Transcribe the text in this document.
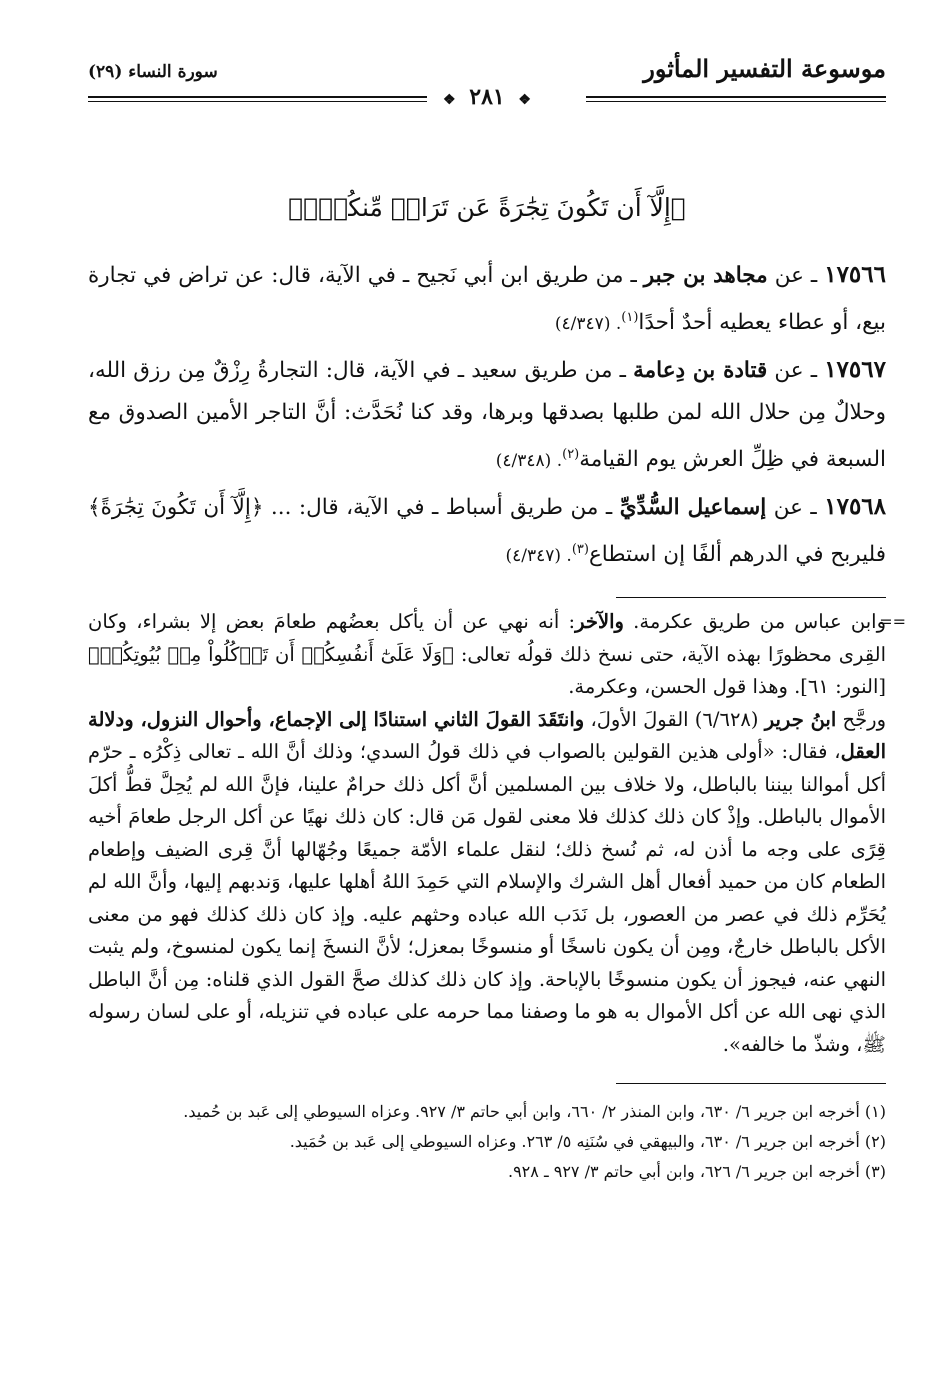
موسوعة التفسير المأثور
سورة النساء (٢٩)
❖ ٢٨١ ❖
﴿إِلَّآ أَن تَكُونَ تِجَٰرَةً عَن تَرَاضٖ مِّنكُمۡۚ﴾

١٧٥٦٦ ـ عن مجاهد بن جبر ـ من طريق ابن أبي نَجيح ـ في الآية، قال: عن تراض في تجارة بيع، أو عطاء يعطيه أحدٌ أحدًا$^{(١)}$. (٤/٣٤٧)

١٧٥٦٧ ـ عن قتادة بن دِعامة ـ من طريق سعيد ـ في الآية، قال: التجارةُ رِزْقٌ مِن رزق الله، وحلالٌ مِن حلال الله لمن طلبها بصدقها وبرها، وقد كنا نُحَدَّث: أنَّ التاجر الأمين الصدوق مع السبعة في ظِلِّ العرش يوم القيامة$^{(٢)}$. (٤/٣٤٨)

١٧٥٦٨ ـ عن إسماعيل السُّدِّيِّ ـ من طريق أسباط ـ في الآية، قال: ... ﴿إِلَّآ أَن تَكُونَ تِجَٰرَةً﴾ فليربح في الدرهم ألفًا إن استطاع$^{(٣)}$. (٤/٣٤٧)

==

وابن عباس من طريق عكرمة. والآخر: أنه نهي عن أن يأكل بعضُهم طعامَ بعض إلا بشراء، وكان القِرى محظورًا بهذه الآية، حتى نسخ ذلك قولُه تعالى: ﴿وَلَا عَلَىٰٓ أَنفُسِكُمۡ أَن تَأۡكُلُواْ مِنۢ بُيُوتِكُمۡ﴾ [النور: ٦١]. وهذا قول الحسن، وعكرمة.

ورجَّح ابنُ جرير (٦/٦٢٨) القولَ الأولَ، وانتَقَدَ القولَ الثاني استنادًا إلى الإجماع، وأحوال النزول، ودلالة العقل، فقال: «أولى هذين القولين بالصواب في ذلك قولُ السدي؛ وذلك أنَّ الله ـ تعالى ذِكْرُه ـ حرّم أكل أموالنا بيننا بالباطل، ولا خلاف بين المسلمين أنَّ أكل ذلك حرامٌ علينا، فإنَّ الله لم يُحِلَّ قطُّ أكلَ الأموال بالباطل. وإذْ كان ذلك كذلك فلا معنى لقول مَن قال: كان ذلك نهيًا عن أكل الرجل طعامَ أخيه قِرًى على وجه ما أذن له، ثم نُسخ ذلك؛ لنقل علماء الأمّة جميعًا وجُهّالها أنَّ قِرى الضيف وإطعام الطعام كان من حميد أفعال أهل الشرك والإسلام التي حَمِدَ اللهُ أهلها عليها، وَندبهم إليها، وأنَّ الله لم يُحَرِّم ذلك في عصر من العصور، بل نَدَب الله عباده وحثهم عليه. وإذ كان ذلك كذلك فهو من معنى الأكل بالباطل خارجٌ، ومِن أن يكون ناسخًا أو منسوخًا بمعزل؛ لأنَّ النسخَ إنما يكون لمنسوخ، ولم يثبت النهي عنه، فيجوز أن يكون منسوخًا بالإباحة. وإذ كان ذلك كذلك صحَّ القول الذي قلناه: مِن أنَّ الباطل الذي نهى الله عن أكل الأموال به هو ما وصفنا مما حرمه على عباده في تنزيله، أو على لسان رسوله ﷺ، وشذّ ما خالفه».

(١) أخرجه ابن جرير ٦/ ٦٣٠، وابن المنذر ٢/ ٦٦٠، وابن أبي حاتم ٣/ ٩٢٧. وعزاه السيوطي إلى عَبد بن حُميد.
(٢) أخرجه ابن جرير ٦/ ٦٣٠، والبيهقي في سُنَنِه ٥/ ٢٦٣. وعزاه السيوطي إلى عَبد بن حُمَيد.
(٣) أخرجه ابن جرير ٦/ ٦٢٦، وابن أبي حاتم ٣/ ٩٢٧ ـ ٩٢٨.
